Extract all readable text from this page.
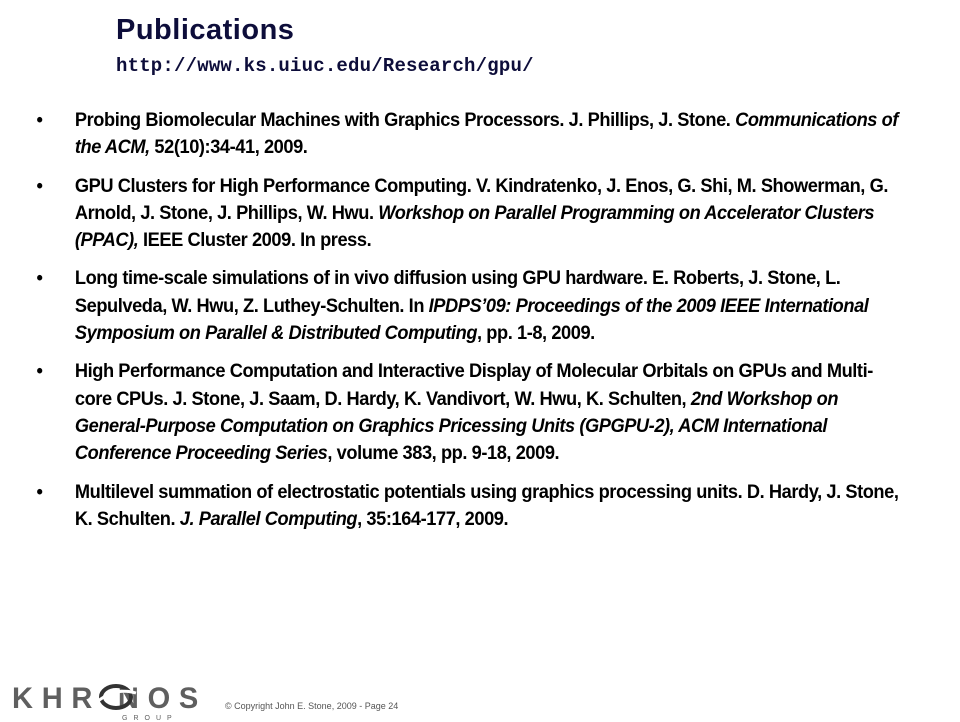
Publications
http://www.ks.uiuc.edu/Research/gpu/
• Probing Biomolecular Machines with Graphics Processors. J. Phillips, J. Stone. Communications of the ACM, 52(10):34-41, 2009.
• GPU Clusters for High Performance Computing. V. Kindratenko, J. Enos, G. Shi, M. Showerman, G. Arnold, J. Stone, J. Phillips, W. Hwu. Workshop on Parallel Programming on Accelerator Clusters (PPAC), IEEE Cluster 2009. In press.
• Long time-scale simulations of in vivo diffusion using GPU hardware. E. Roberts, J. Stone, L. Sepulveda, W. Hwu, Z. Luthey-Schulten. In IPDPS’09: Proceedings of the 2009 IEEE International Symposium on Parallel & Distributed Computing, pp. 1-8, 2009.
• High Performance Computation and Interactive Display of Molecular Orbitals on GPUs and Multi-core CPUs. J. Stone, J. Saam, D. Hardy, K. Vandivort, W. Hwu, K. Schulten, 2nd Workshop on General-Purpose Computation on Graphics Pricessing Units (GPGPU-2), ACM International Conference Proceeding Series, volume 383, pp. 9-18, 2009.
• Multilevel summation of electrostatic potentials using graphics processing units. D. Hardy, J. Stone, K. Schulten. J. Parallel Computing, 35:164-177, 2009.
KHR NOS
GROUP
© Copyright John E. Stone, 2009 - Page 24
